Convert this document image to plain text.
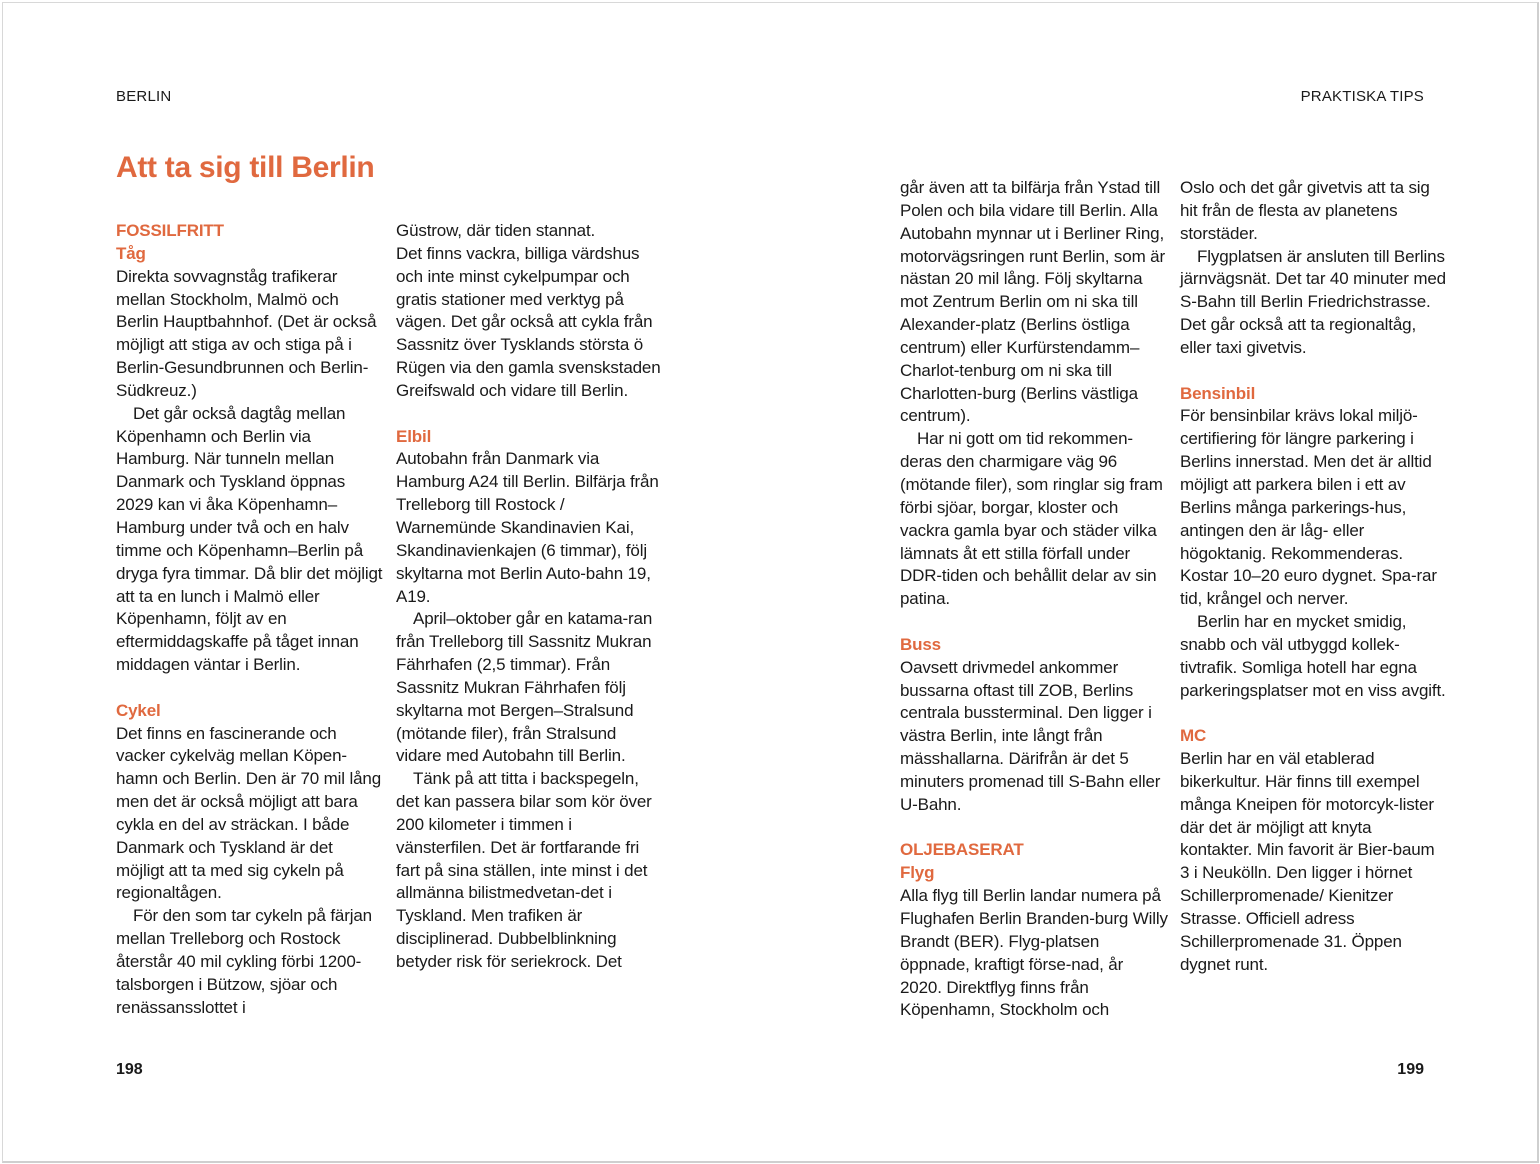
BERLIN	PRAKTISKA TIPS
Att ta sig till Berlin

FOSSILFRITT

Tåg

Direkta sovvagnståg trafikerar mellan Stockholm, Malmö och Berlin Hauptbahnhof. (Det är också möjligt att stiga av och stiga på i Berlin-Gesundbrunnen och Berlin-Südkreuz.)

Det går också dagtåg mellan Köpenhamn och Berlin via Hamburg. När tunneln mellan Danmark och Tyskland öppnas 2029 kan vi åka Köpenhamn–Hamburg under två och en halv timme och Köpenhamn–Berlin på dryga fyra timmar. Då blir det möjligt att ta en lunch i Malmö eller Köpenhamn, följt av en eftermiddagskaffe på tåget innan middagen väntar i Berlin.

Cykel

Det finns en fascinerande och vacker cykelväg mellan Köpen-hamn och Berlin. Den är 70 mil lång men det är också möjligt att bara cykla en del av sträckan. I både Danmark och Tyskland är det möjligt att ta med sig cykeln på regionaltågen.

För den som tar cykeln på färjan mellan Trelleborg och Rostock återstår 40 mil cykling förbi 1200-talsborgen i Bützow, sjöar och renässansslottet i

Güstrow, där tiden stannat.

Det finns vackra, billiga värdshus och inte minst cykelpumpar och gratis stationer med verktyg på vägen. Det går också att cykla från Sassnitz över Tysklands största ö Rügen via den gamla svenskstaden Greifswald och vidare till Berlin.

Elbil

Autobahn från Danmark via Hamburg A24 till Berlin. Bilfärja från Trelleborg till Rostock / Warnemünde Skandinavien Kai, Skandinavienkajen (6 timmar), följ skyltarna mot Berlin Auto-bahn 19, A19.

April–oktober går en katama-ran från Trelleborg till Sassnitz Mukran Fährhafen (2,5 timmar). Från Sassnitz Mukran Fährhafen följ skyltarna mot Bergen–Stralsund (mötande filer), från Stralsund vidare med Autobahn till Berlin.

Tänk på att titta i backspegeln, det kan passera bilar som kör över 200 kilometer i timmen i vänsterfilen. Det är fortfarande fri fart på sina ställen, inte minst i det allmänna bilistmedvetan-det i Tyskland. Men trafiken är disciplinerad. Dubbelblinkning betyder risk för seriekrock. Det

går även att ta bilfärja från Ystad till Polen och bila vidare till Berlin. Alla Autobahn mynnar ut i Berliner Ring, motorvägsringen runt Berlin, som är nästan 20 mil lång. Följ skyltarna mot Zentrum Berlin om ni ska till Alexander-platz (Berlins östliga centrum) eller Kurfürstendamm–Charlot-tenburg om ni ska till Charlotten-burg (Berlins västliga centrum).

Har ni gott om tid rekommen-deras den charmigare väg 96 (mötande filer), som ringlar sig fram förbi sjöar, borgar, kloster och vackra gamla byar och städer vilka lämnats åt ett stilla förfall under DDR-tiden och behållit delar av sin patina.

Buss

Oavsett drivmedel ankommer bussarna oftast till ZOB, Berlins centrala bussterminal. Den ligger i västra Berlin, inte långt från mässhallarna. Därifrån är det 5 minuters promenad till S-Bahn eller U-Bahn.

OLJEBASERAT

Flyg

Alla flyg till Berlin landar numera på Flughafen Berlin Branden-burg Willy Brandt (BER). Flyg-platsen öppnade, kraftigt förse-nad, år 2020. Direktflyg finns från Köpenhamn, Stockholm och

Oslo och det går givetvis att ta sig hit från de flesta av planetens storstäder.

Flygplatsen är ansluten till Berlins järnvägsnät. Det tar 40 minuter med S-Bahn till Berlin Friedrichstrasse. Det går också att ta regionaltåg, eller taxi givetvis.

Bensinbil

För bensinbilar krävs lokal miljö-certifiering för längre parkering i Berlins innerstad. Men det är alltid möjligt att parkera bilen i ett av Berlins många parkerings-hus, antingen den är låg- eller högoktanig. Rekommenderas. Kostar 10–20 euro dygnet. Spa-rar tid, krångel och nerver.

Berlin har en mycket smidig, snabb och väl utbyggd kollek-tivtrafik. Somliga hotell har egna parkeringsplatser mot en viss avgift.

MC

Berlin har en väl etablerad bikerkultur. Här finns till exempel många Kneipen för motorcyk-lister där det är möjligt att knyta kontakter. Min favorit är Bier-baum 3 i Neukölln. Den ligger i hörnet Schillerpromenade/ Kienitzer Strasse. Officiell adress Schillerpromenade 31. Öppen dygnet runt.

198	199
